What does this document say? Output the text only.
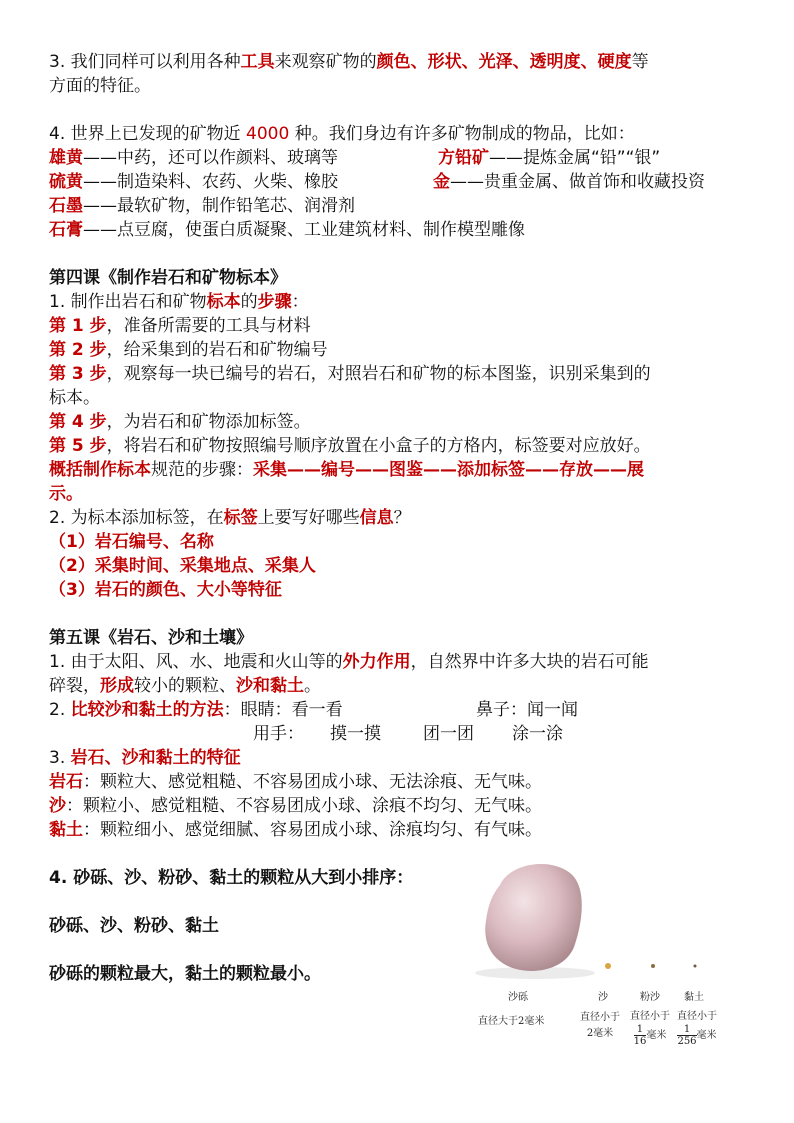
3. 我们同样可以利用各种工具来观察矿物的颜色、形状、光泽、透明度、硬度等
方面的特征。
4. 世界上已发现的矿物近 4000 种。我们身边有许多矿物制成的物品，比如：
雄黄——中药，还可以作颜料、玻璃等	方铅矿——提炼金属“铅”“银”
硫黄——制造染料、农药、火柴、橡胶	金——贵重金属、做首饰和收藏投资
石墨——最软矿物，制作铅笔芯、润滑剂
石膏——点豆腐，使蛋白质凝聚、工业建筑材料、制作模型雕像
第四课《制作岩石和矿物标本》
1. 制作出岩石和矿物标本的步骤：
第 1 步，准备所需要的工具与材料
第 2 步，给采集到的岩石和矿物编号
第 3 步，观察每一块已编号的岩石，对照岩石和矿物的标本图鉴，识别采集到的
标本。
第 4 步，为岩石和矿物添加标签。
第 5 步，将岩石和矿物按照编号顺序放置在小盒子的方格内，标签要对应放好。
概括制作标本规范的步骤：采集——编号——图鉴——添加标签——存放——展
示。
2. 为标本添加标签，在标签上要写好哪些信息？
（1）岩石编号、名称
（2）采集时间、采集地点、采集人
（3）岩石的颜色、大小等特征
第五课《岩石、沙和土壤》
1. 由于太阳、风、水、地震和火山等的外力作用，自然界中许多大块的岩石可能
碎裂，形成较小的颗粒、沙和黏土。
2. 比较沙和黏土的方法：眼睛：看一看	鼻子：闻一闻
用手： 摸一摸 团一团 涂一涂
3. 岩石、沙和黏土的特征
岩石：颗粒大、感觉粗糙、不容易团成小球、无法涂痕、无气味。
沙：颗粒小、感觉粗糙、不容易团成小球、涂痕不均匀、无气味。
黏土：颗粒细小、感觉细腻、容易团成小球、涂痕均匀、有气味。
4. 砂砾、沙、粉砂、黏土的颗粒从大到小排序：
砂砾、沙、粉砂、黏土
砂砾的颗粒最大，黏土的颗粒最小。
沙砾	沙	粉沙 黏土
直径大于2毫米	直径小于
2毫米
直径小于
$\frac{1}{16}$毫米
直径小于
$\frac{1}{256}$毫米
